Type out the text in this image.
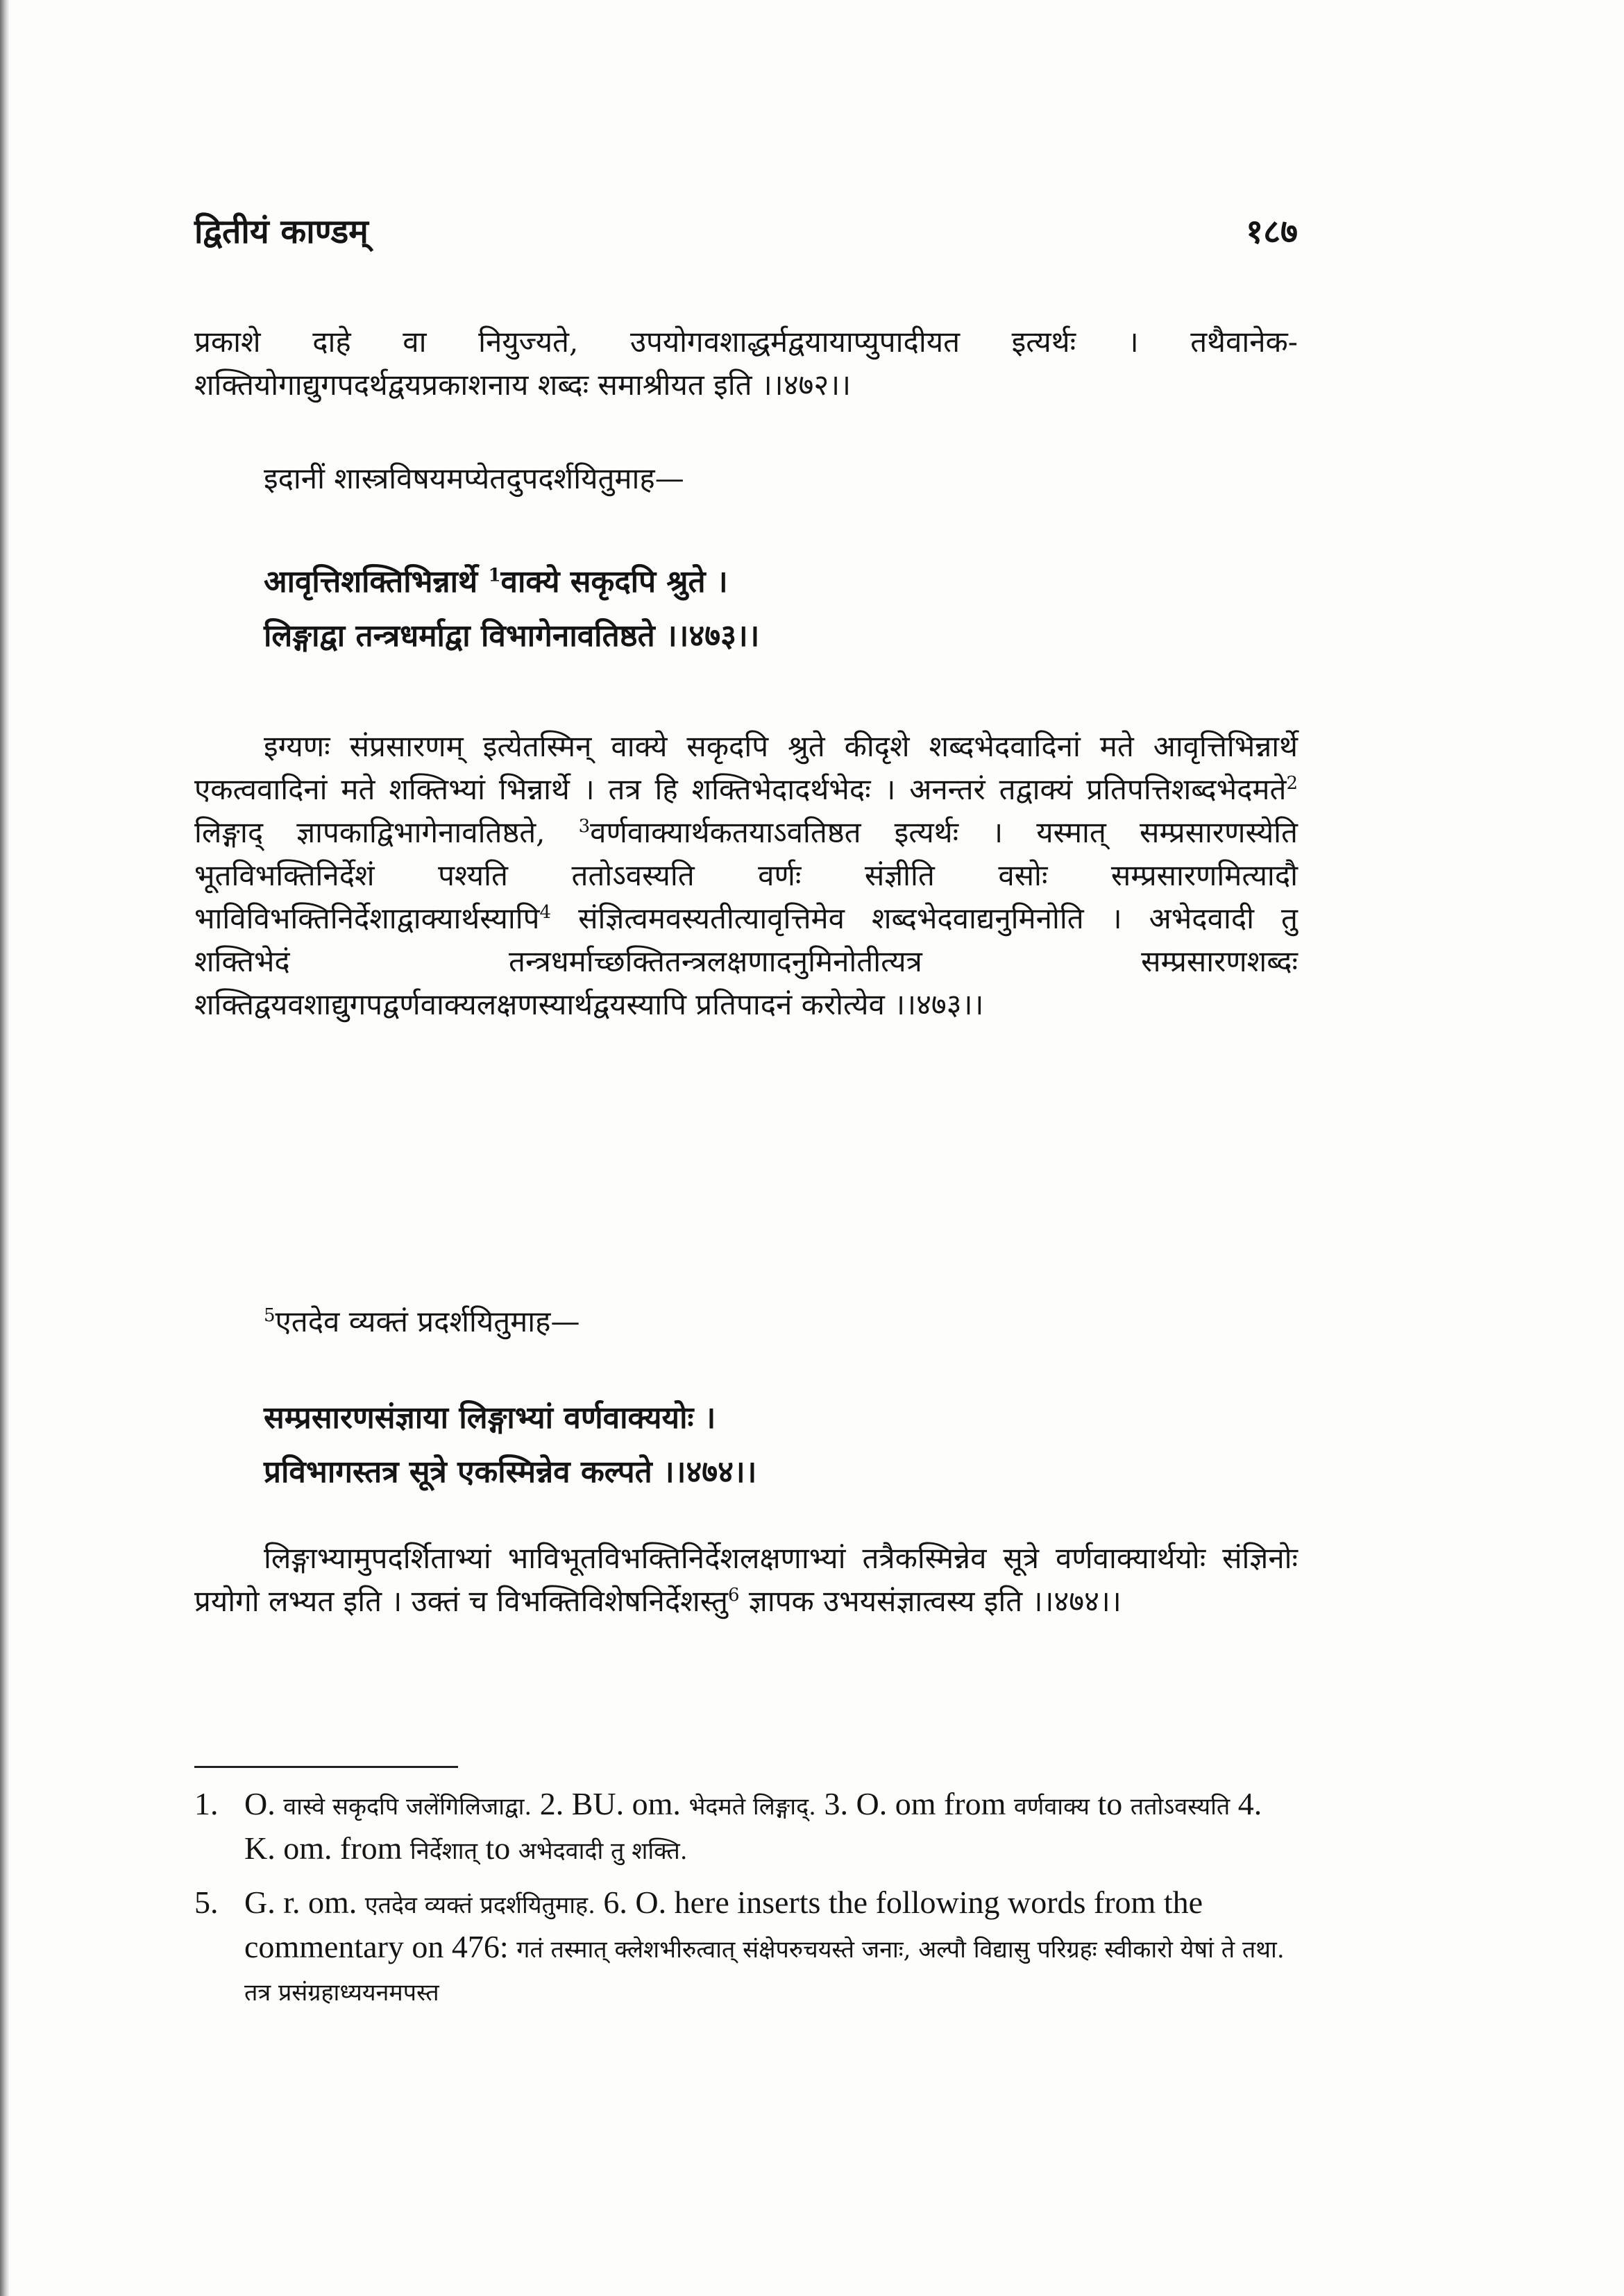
द्वितीयं काण्डम्	१८७
प्रकाशे दाहे वा नियुज्यते, उपयोगवशाद्धर्मद्वयायाप्युपादीयत इत्यर्थः । तथैवानेक-
शक्तियोगाद्युगपदर्थद्वयप्रकाशनाय शब्दः समाश्रीयत इति ।।४७२।।
इदानीं शास्त्रविषयमप्येतदुपदर्शयितुमाह—
आवृत्तिशक्तिभिन्नार्थे $^1$वाक्ये सकृदपि श्रुते ।
लिङ्गाद्वा तन्त्रधर्माद्वा विभागेनावतिष्ठते ।।४७३।।
इग्यणः संप्रसारणम् इत्येतस्मिन् वाक्ये सकृदपि श्रुते कीदृशे शब्दभेदवादिनां मते आवृत्तिभिन्नार्थे एकत्ववादिनां मते शक्तिभ्यां भिन्नार्थे । तत्र हि शक्तिभेदादर्थभेदः । अनन्तरं तद्वाक्यं प्रतिपत्तिशब्दभेदमते$^2$ लिङ्गाद् ज्ञापकाद्विभागेनावतिष्ठते, $^3$वर्णवाक्यार्थकतयाऽवतिष्ठत इत्यर्थः । यस्मात् सम्प्रसारणस्येति भूतविभक्तिनिर्देशं पश्यति ततोऽवस्यति वर्णः संज्ञीति वसोः सम्प्रसारणमित्यादौ भाविविभक्तिनिर्देशाद्वाक्यार्थस्यापि$^4$ संज्ञित्वमवस्यतीत्यावृत्तिमेव शब्दभेदवाद्यनुमिनोति । अभेदवादी तु शक्तिभेदं तन्त्रधर्माच्छक्तितन्त्रलक्षणादनुमिनोतीत्यत्र सम्प्रसारणशब्दः शक्तिद्वयवशाद्युगपद्वर्णवाक्यलक्षणस्यार्थद्वयस्यापि प्रतिपादनं करोत्येव ।।४७३।।
$^5$एतदेव व्यक्तं प्रदर्शयितुमाह—
सम्प्रसारणसंज्ञाया लिङ्गाभ्यां वर्णवाक्ययोः ।
प्रविभागस्तत्र सूत्रे एकस्मिन्नेव कल्पते ।।४७४।।
लिङ्गाभ्यामुपदर्शिताभ्यां भाविभूतविभक्तिनिर्देशलक्षणाभ्यां तत्रैकस्मिन्नेव सूत्रे वर्णवाक्यार्थयोः संज्ञिनोः प्रयोगो लभ्यत इति । उक्तं च विभक्तिविशेषनिर्देशस्तु$^6$ ज्ञापक उभयसंज्ञात्वस्य इति ।।४७४।।
1. O. वास्वे सकृदपि जलेंगिलिजाद्वा. 2. BU. om. भेदमते लिङ्गाद्. 3. O. om from वर्णवाक्य to ततोऽवस्यति 4. K. om. from निर्देशात् to अभेदवादी तु शक्ति.
5. G. r. om. एतदेव व्यक्तं प्रदर्शयितुमाह. 6. O. here inserts the following words from the commentary on 476: गतं तस्मात् क्लेशभीरुत्वात् संक्षेपरुचयस्ते जनाः, अल्पौ विद्यासु परिग्रहः स्वीकारो येषां ते तथा. तत्र प्रसंग्रहाध्ययनमपस्त
